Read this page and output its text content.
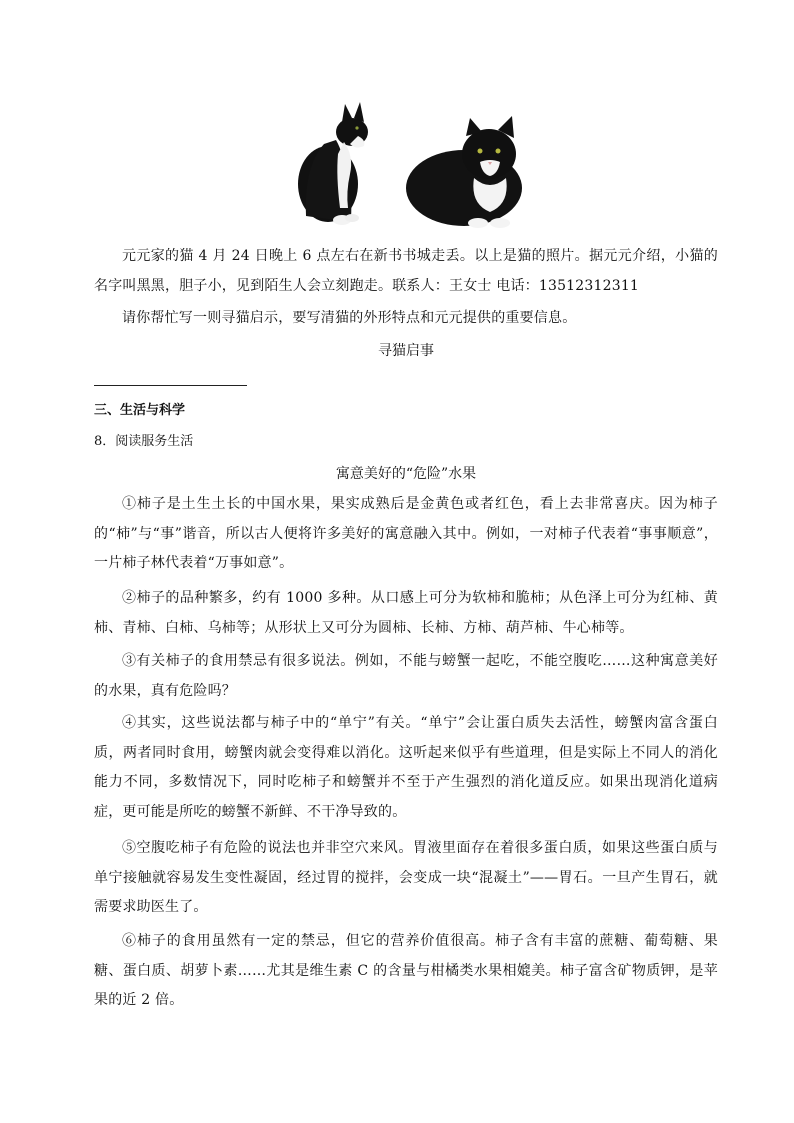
元元家的猫 4 月 24 日晚上 6 点左右在新书书城走丢。以上是猫的照片。据元元介绍，小猫的名字叫黑黑，胆子小，见到陌生人会立刻跑走。联系人：王女士 电话：13512312311

请你帮忙写一则寻猫启示，要写清猫的外形特点和元元提供的重要信息。

寻猫启事

三、生活与科学

8．阅读服务生活

寓意美好的“危险”水果

①柿子是土生土长的中国水果，果实成熟后是金黄色或者红色，看上去非常喜庆。因为柿子的“柿”与“事”谐音，所以古人便将许多美好的寓意融入其中。例如，一对柿子代表着“事事顺意”，一片柿子林代表着“万事如意”。

②柿子的品种繁多，约有 1000 多种。从口感上可分为软柿和脆柿；从色泽上可分为红柿、黄柿、青柿、白柿、乌柿等；从形状上又可分为圆柿、长柿、方柿、葫芦柿、牛心柿等。

③有关柿子的食用禁忌有很多说法。例如，不能与螃蟹一起吃，不能空腹吃……这种寓意美好的水果，真有危险吗？

④其实，这些说法都与柿子中的“单宁”有关。“单宁”会让蛋白质失去活性，螃蟹肉富含蛋白质，两者同时食用，螃蟹肉就会变得难以消化。这听起来似乎有些道理，但是实际上不同人的消化能力不同，多数情况下，同时吃柿子和螃蟹并不至于产生强烈的消化道反应。如果出现消化道病症，更可能是所吃的螃蟹不新鲜、不干净导致的。

⑤空腹吃柿子有危险的说法也并非空穴来风。胃液里面存在着很多蛋白质，如果这些蛋白质与单宁接触就容易发生变性凝固，经过胃的搅拌，会变成一块“混凝土”——胃石。一旦产生胃石，就需要求助医生了。

⑥柿子的食用虽然有一定的禁忌，但它的营养价值很高。柿子含有丰富的蔗糖、葡萄糖、果糖、蛋白质、胡萝卜素……尤其是维生素 C 的含量与柑橘类水果相媲美。柿子富含矿物质钾，是苹果的近 2 倍。
